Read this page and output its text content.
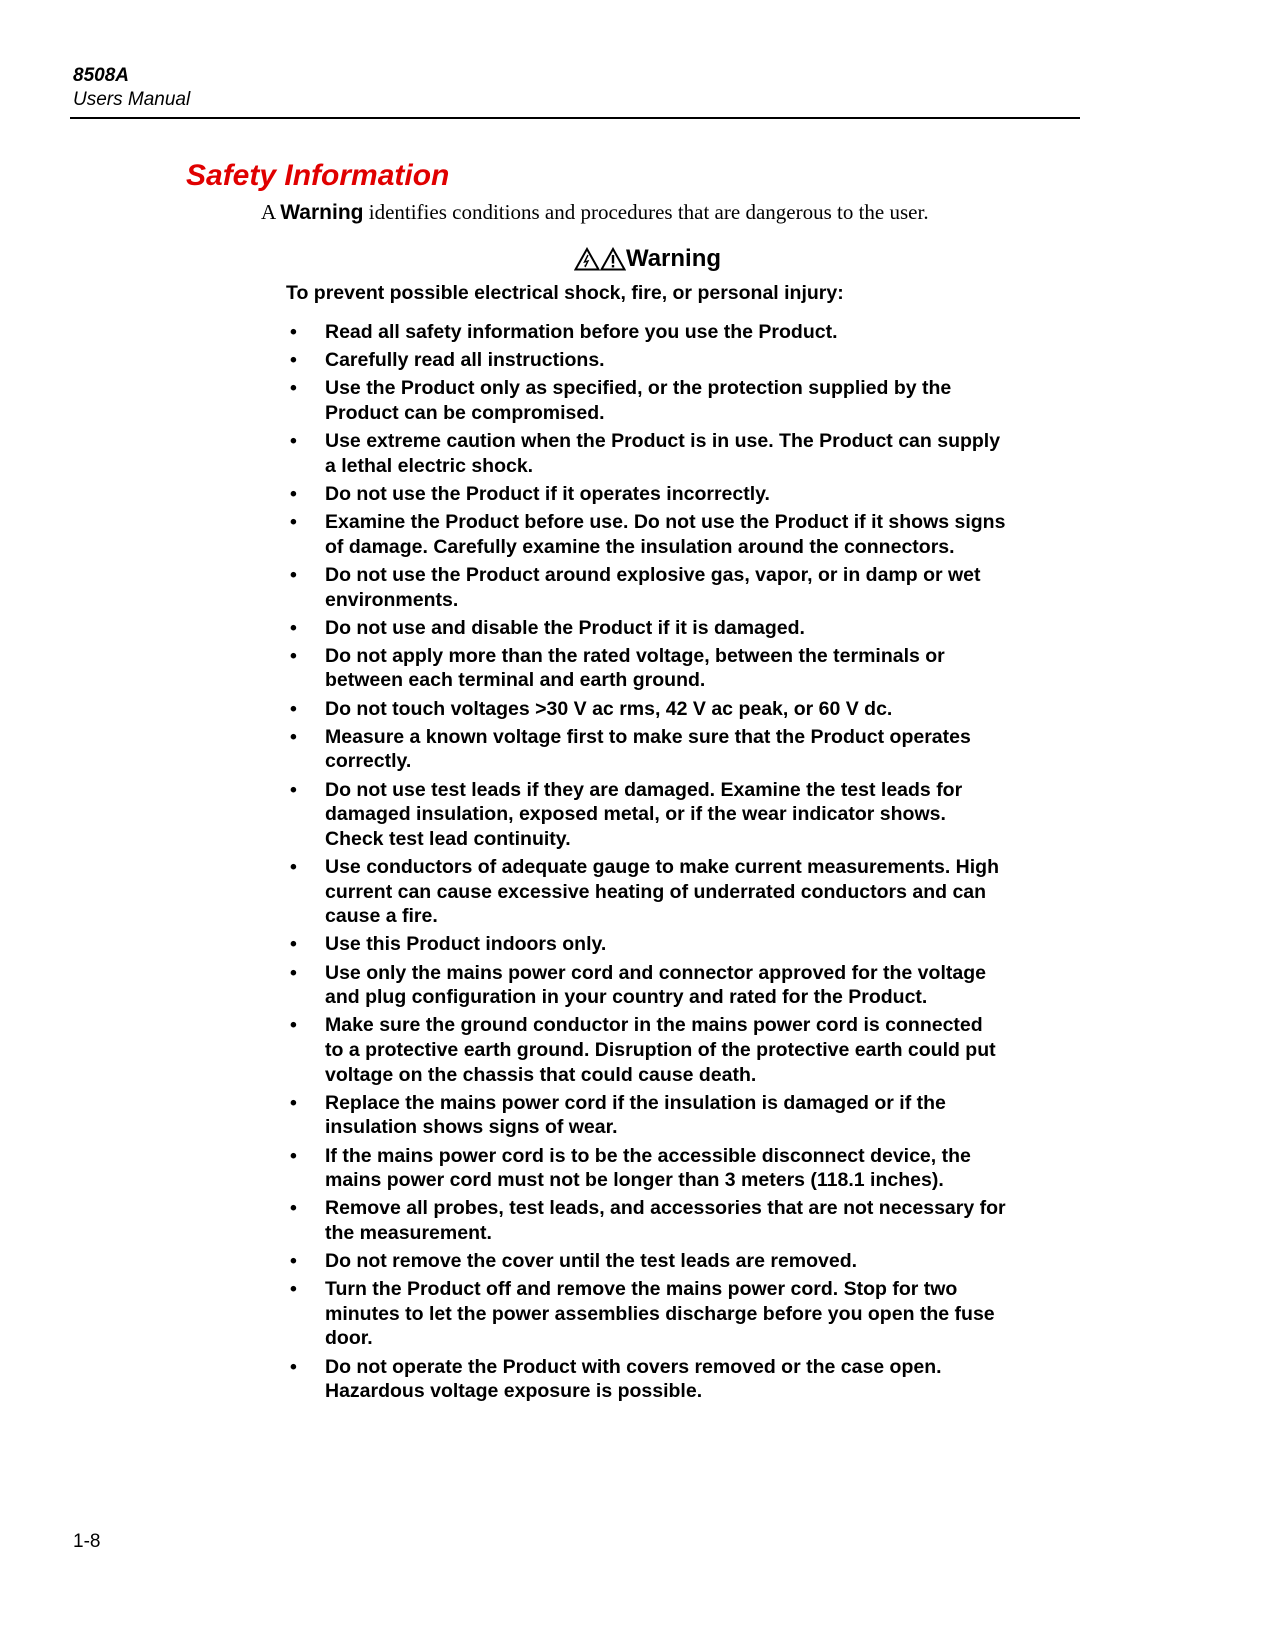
8508A
Users Manual
Safety Information
A Warning identifies conditions and procedures that are dangerous to the user.
Warning
To prevent possible electrical shock, fire, or personal injury:
• Read all safety information before you use the Product.
• Carefully read all instructions.
• Use the Product only as specified, or the protection supplied by the Product can be compromised.
• Use extreme caution when the Product is in use. The Product can supply a lethal electric shock.
• Do not use the Product if it operates incorrectly.
• Examine the Product before use. Do not use the Product if it shows signs of damage. Carefully examine the insulation around the connectors.
• Do not use the Product around explosive gas, vapor, or in damp or wet environments.
• Do not use and disable the Product if it is damaged.
• Do not apply more than the rated voltage, between the terminals or between each terminal and earth ground.
• Do not touch voltages >30 V ac rms, 42 V ac peak, or 60 V dc.
• Measure a known voltage first to make sure that the Product operates correctly.
• Do not use test leads if they are damaged. Examine the test leads for damaged insulation, exposed metal, or if the wear indicator shows. Check test lead continuity.
• Use conductors of adequate gauge to make current measurements. High current can cause excessive heating of underrated conductors and can cause a fire.
• Use this Product indoors only.
• Use only the mains power cord and connector approved for the voltage and plug configuration in your country and rated for the Product.
• Make sure the ground conductor in the mains power cord is connected to a protective earth ground. Disruption of the protective earth could put voltage on the chassis that could cause death.
• Replace the mains power cord if the insulation is damaged or if the insulation shows signs of wear.
• If the mains power cord is to be the accessible disconnect device, the mains power cord must not be longer than 3 meters (118.1 inches).
• Remove all probes, test leads, and accessories that are not necessary for the measurement.
• Do not remove the cover until the test leads are removed.
• Turn the Product off and remove the mains power cord. Stop for two minutes to let the power assemblies discharge before you open the fuse door.
• Do not operate the Product with covers removed or the case open. Hazardous voltage exposure is possible.
1-8
